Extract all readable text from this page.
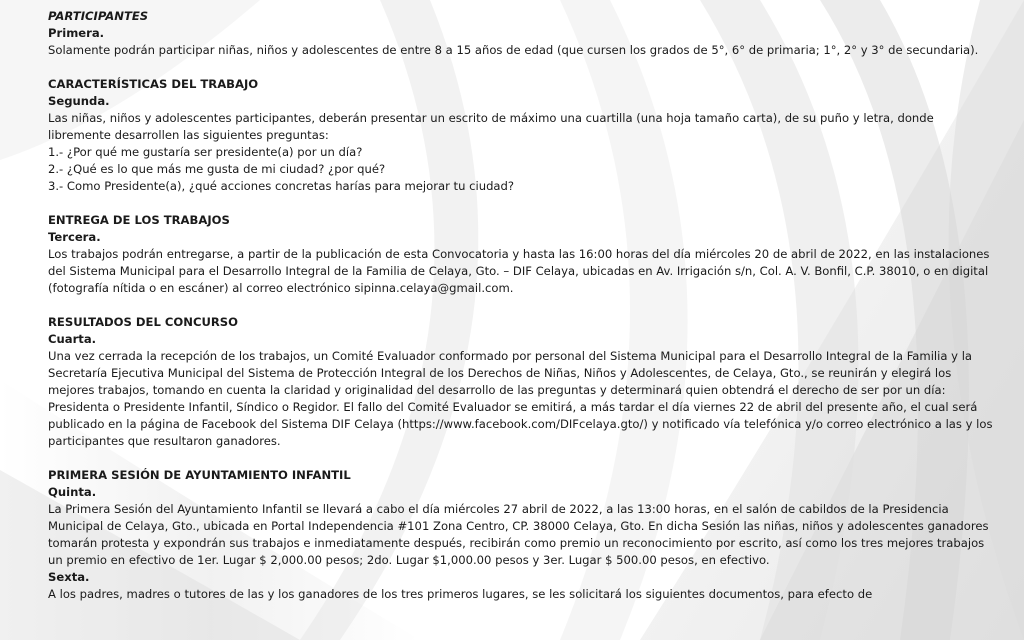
PARTICIPANTES

Primera.

Solamente podrán participar niñas, niños y adolescentes de entre 8 a 15 años de edad (que cursen los grados de 5°, 6° de primaria; 1°, 2° y 3° de secundaria).

CARACTERÍSTICAS DEL TRABAJO

Segunda.

Las niñas, niños y adolescentes participantes, deberán presentar un escrito de máximo una cuartilla (una hoja tamaño carta), de su puño y letra, donde libremente desarrollen las siguientes preguntas:

1.- ¿Por qué me gustaría ser presidente(a) por un día?

2.- ¿Qué es lo que más me gusta de mi ciudad? ¿por qué?

3.- Como Presidente(a), ¿qué acciones concretas harías para mejorar tu ciudad?

ENTREGA DE LOS TRABAJOS

Tercera.

Los trabajos podrán entregarse, a partir de la publicación de esta Convocatoria y hasta las 16:00 horas del día miércoles 20 de abril de 2022, en las instalaciones del Sistema Municipal para el Desarrollo Integral de la Familia de Celaya, Gto. – DIF Celaya, ubicadas en Av. Irrigación s/n, Col. A. V. Bonfil, C.P. 38010, o en digital (fotografía nítida o en escáner) al correo electrónico sipinna.celaya@gmail.com.

RESULTADOS DEL CONCURSO

Cuarta.

Una vez cerrada la recepción de los trabajos, un Comité Evaluador conformado por personal del Sistema Municipal para el Desarrollo Integral de la Familia y la Secretaría Ejecutiva Municipal del Sistema de Protección Integral de los Derechos de Niñas, Niños y Adolescentes, de Celaya, Gto., se reunirán y elegirá los mejores trabajos, tomando en cuenta la claridad y originalidad del desarrollo de las preguntas y determinará quien obtendrá el derecho de ser por un día: Presidenta o Presidente Infantil, Síndico o Regidor. El fallo del Comité Evaluador se emitirá, a más tardar el día viernes 22 de abril del presente año, el cual será publicado en la página de Facebook del Sistema DIF Celaya (https://www.facebook.com/DIFcelaya.gto/) y notificado vía telefónica y/o correo electrónico a las y los participantes que resultaron ganadores.

PRIMERA SESIÓN DE AYUNTAMIENTO INFANTIL

Quinta.

La Primera Sesión del Ayuntamiento Infantil se llevará a cabo el día miércoles 27 abril de 2022, a las 13:00 horas, en el salón de cabildos de la Presidencia Municipal de Celaya, Gto., ubicada en Portal Independencia #101 Zona Centro, CP. 38000 Celaya, Gto. En dicha Sesión las niñas, niños y adolescentes ganadores tomarán protesta y expondrán sus trabajos e inmediatamente después, recibirán como premio un reconocimiento por escrito, así como los tres mejores trabajos un premio en efectivo de 1er. Lugar $ 2,000.00 pesos; 2do. Lugar $1,000.00 pesos y 3er. Lugar $ 500.00 pesos, en efectivo.

Sexta.

A los padres, madres o tutores de las y los ganadores de los tres primeros lugares, se les solicitará los siguientes documentos, para efecto de
